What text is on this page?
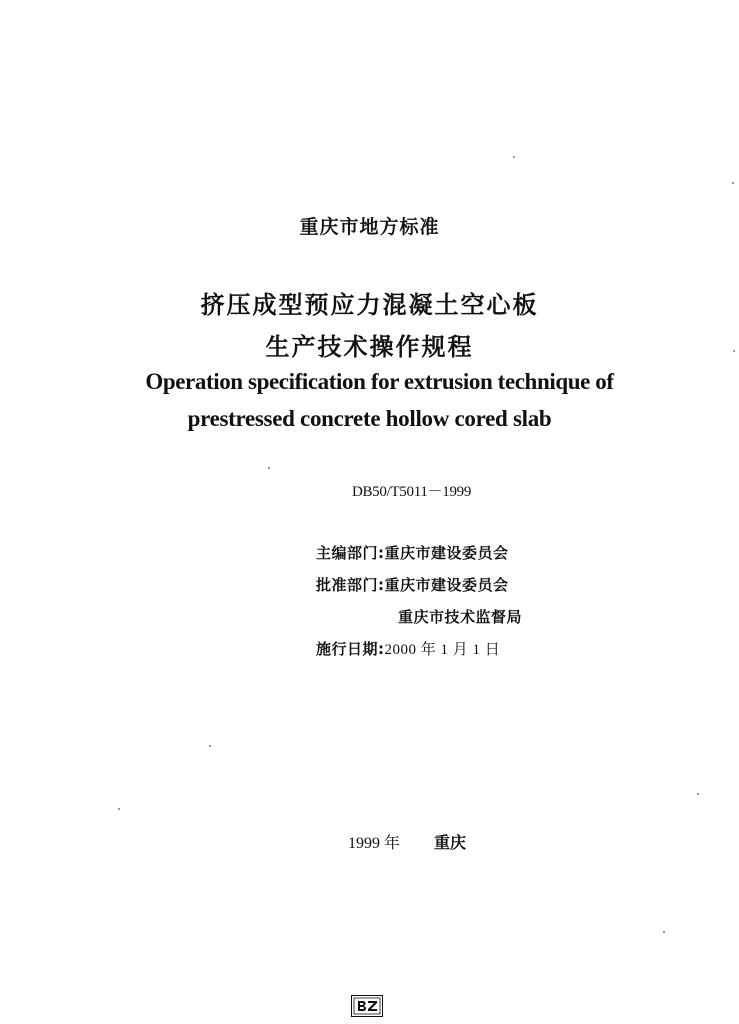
重庆市地方标准
挤压成型预应力混凝土空心板
生产技术操作规程
Operation specification for extrusion technique of
prestressed concrete hollow cored slab
DB50/T5011－1999
主编部门:重庆市建设委员会
批准部门:重庆市建设委员会
重庆市技术监督局
施行日期:2000 年 1 月 1 日
1999 年 重庆
